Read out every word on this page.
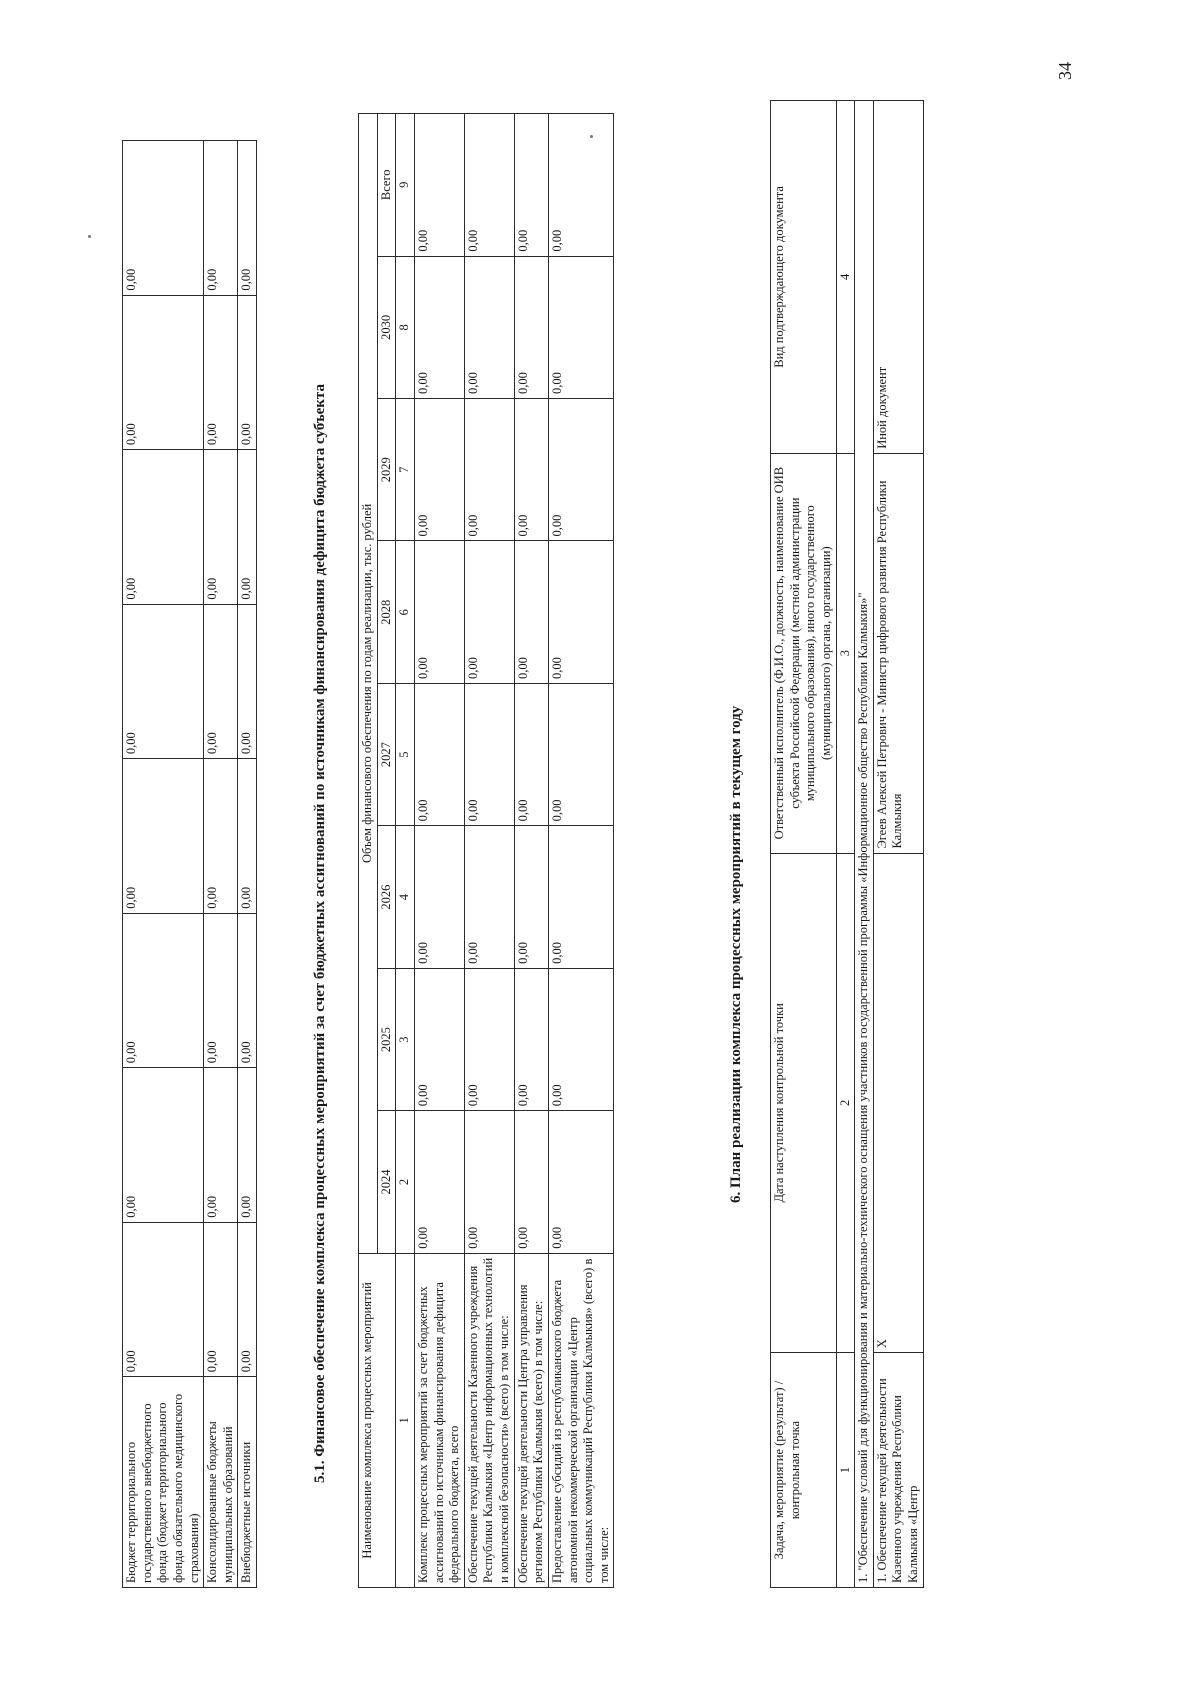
Бюджет территориального государственного внебюджетного фонда (бюджет территориального фонда обязательного медицинского страхования)	0,00	0,00	0,00	0,00	0,00	0,00	0,00	0,00
Консолидированные бюджеты муниципальных образований	0,00	0,00	0,00	0,00	0,00	0,00	0,00	0,00
Внебюджетные источники	0,00	0,00	0,00	0,00	0,00	0,00	0,00	0,00
5.1. Финансовое обеспечение комплекса процессных мероприятий за счет бюджетных ассигнований по источникам финансирования дефицита бюджета субъекта	Наименование комплекса процессных мероприятий	Объем финансового обеспечения по годам реализации, тыс. рублей							
	2024	2025	2026	2027	2028	2029	2030	Всего
1	2	3	4	5	6	7	8	9
Комплекс процессных мероприятий за счет бюджетных ассигнований по источникам финансирования дефицита федерального бюджета, всего	0,00	0,00	0,00	0,00	0,00	0,00	0,00	0,00
Обеспечение текущей деятельности Казенного учреждения Республики Калмыкия «Центр информационных технологий и комплексной безопасности» (всего) в том числе:	0,00	0,00	0,00	0,00	0,00	0,00	0,00	0,00
Обеспечение текущей деятельности Центра управления регионом Республики Калмыкия (всего) в том числе:	0,00	0,00	0,00	0,00	0,00	0,00	0,00	0,00
Предоставление субсидий из республиканского бюджета автономной некоммерческой организации «Центр социальных коммуникаций Республики Калмыкия» (всего) в том числе:	0,00	0,00	0,00	0,00	0,00	0,00	0,00	0,00
6. План реализации комплекса процессных мероприятий в текущем году
Задача, мероприятие (результат) / контрольная точка	Дата наступления контрольной точки	Ответственный исполнитель (Ф.И.О., должность, наименование ОИВ субъекта Российской Федерации (местной администрации муниципального образования), иного государственного (муниципального) органа, организации)	Вид подтверждающего документа
1	2	3	4
1. "Обеспечение условий для функционирования и материально-технического оснащения участников государственной программы «Информационное общество Республики Калмыкия»"			
1. Обеспечение текущей деятельности Казенного учреждения Республики Калмыкия «Центр	X	Эгеев Алексей Петрович - Министр цифрового развития Республики Калмыкия	Иной документ
34
